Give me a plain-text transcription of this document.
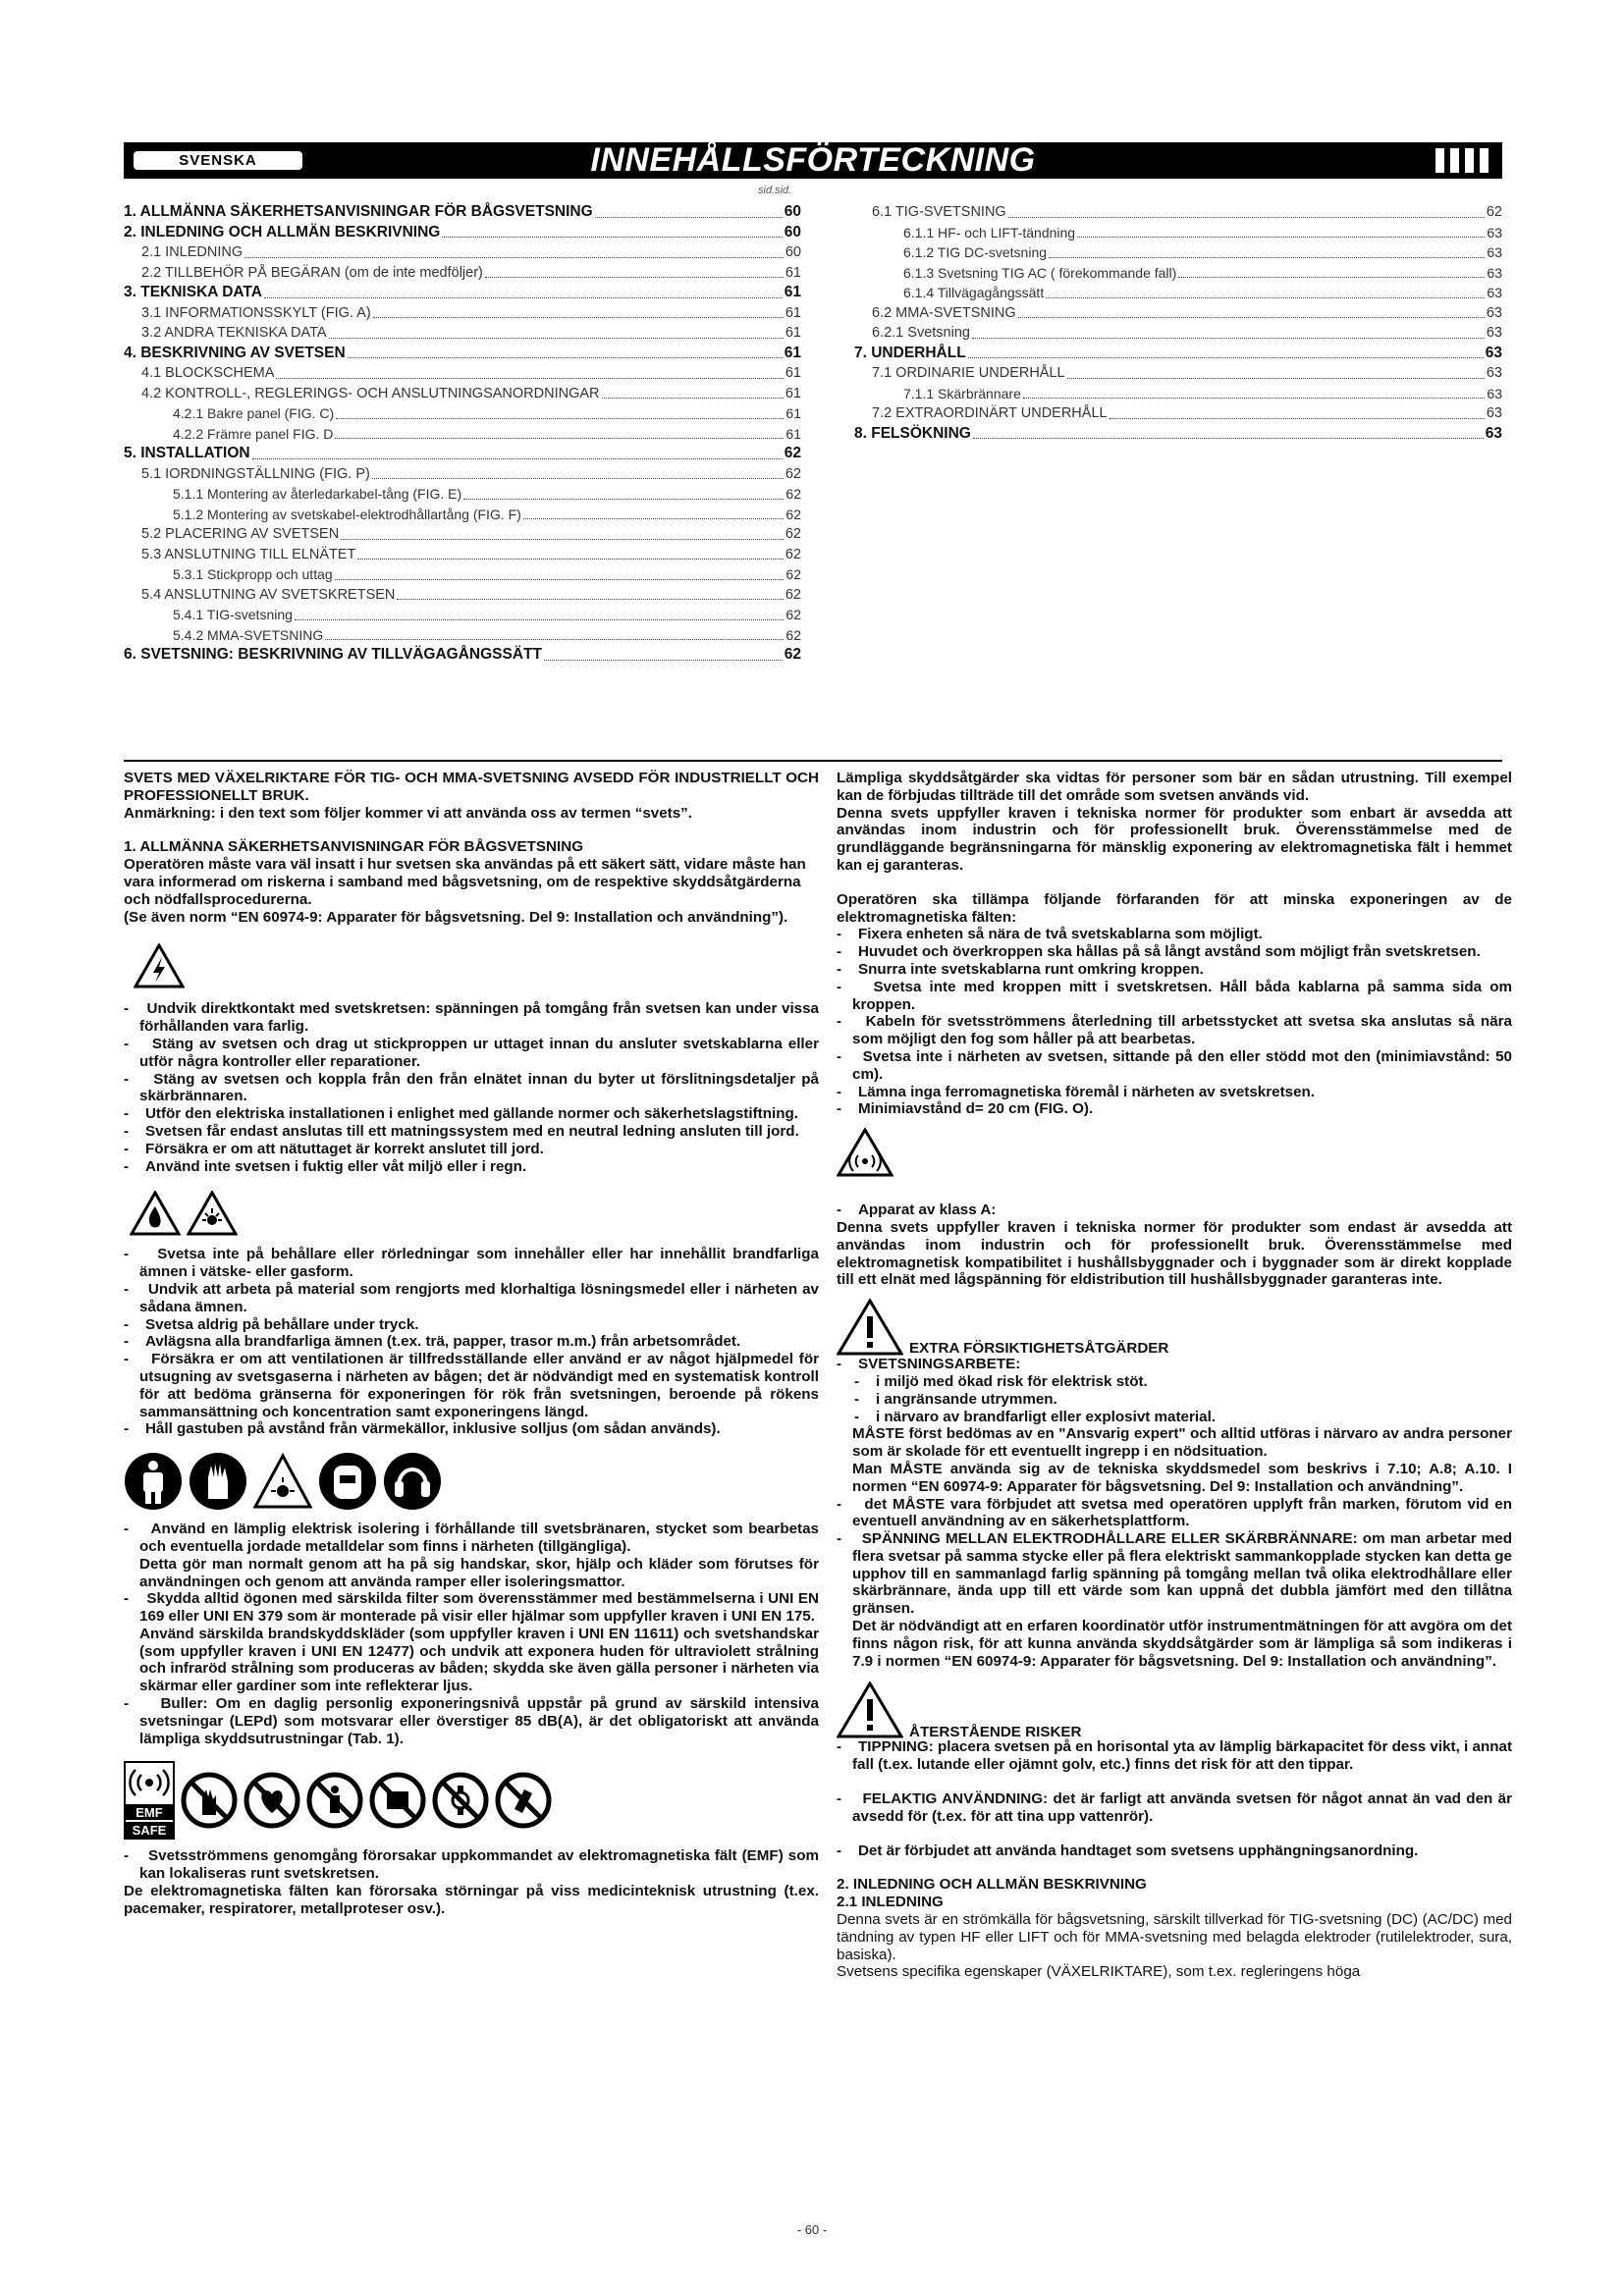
SVENSKA	INNEHÅLLSFÖRTECKNING
sid.sid.
1. ALLMÄNNA SÄKERHETSANVISNINGAR FÖR BÅGSVETSNING	60
2. INLEDNING OCH ALLMÄN BESKRIVNING	60
2.1 INLEDNING	60
2.2 TILLBEHÖR PÅ BEGÄRAN (om de inte medföljer)	61
3. TEKNISKA DATA	61
3.1 INFORMATIONSSKYLT (FIG. A)	61
3.2 ANDRA TEKNISKA DATA	61
4. BESKRIVNING AV SVETSEN	61
4.1 BLOCKSCHEMA	61
4.2 KONTROLL-, REGLERINGS- OCH ANSLUTNINGSANORDNINGAR	61
4.2.1 Bakre panel (FIG. C)	61
4.2.2 Främre panel FIG. D	61
5. INSTALLATION	62
5.1 IORDNINGSTÄLLNING (FIG. P)	62
5.1.1 Montering av återledarkabel-tång (FIG. E)	62
5.1.2 Montering av svetskabel-elektrodhållartång (FIG. F)	62
5.2 PLACERING AV SVETSEN	62
5.3 ANSLUTNING TILL ELNÄTET	62
5.3.1 Stickpropp och uttag	62
5.4 ANSLUTNING AV SVETSKRETSEN	62
5.4.1 TIG-svetsning	62
5.4.2 MMA-SVETSNING	62
6. SVETSNING: BESKRIVNING AV TILLVÄGAGÅNGSSÄTT	62
6.1 TIG-SVETSNING	62
6.1.1 HF- och LIFT-tändning	63
6.1.2 TIG DC-svetsning	63
6.1.3 Svetsning TIG AC ( förekommande fall)	63
6.1.4 Tillvägagångssätt	63
6.2 MMA-SVETSNING	63
6.2.1 Svetsning	63
7. UNDERHÅLL	63
7.1 ORDINARIE UNDERHÅLL	63
7.1.1 Skärbrännare	63
7.2 EXTRAORDINÄRT UNDERHÅLL	63
8. FELSÖKNING	63

SVETS MED VÄXELRIKTARE FÖR TIG- OCH MMA-SVETSNING AVSEDD FÖR INDUSTRIELLT OCH PROFESSIONELLT BRUK.

Anmärkning: i den text som följer kommer vi att använda oss av termen “svets”.

1. ALLMÄNNA SÄKERHETSANVISNINGAR FÖR BÅGSVETSNING

Operatören måste vara väl insatt i hur svetsen ska användas på ett säkert sätt, vidare måste han vara informerad om riskerna i samband med bågsvetsning, om de respektive skyddsåtgärderna och nödfallsprocedurerna.

(Se även norm “EN 60974-9: Apparater för bågsvetsning. Del 9: Installation och användning”).

-    Undvik direktkontakt med svetskretsen: spänningen på tomgång från svetsen kan under vissa förhållanden vara farlig.

-    Stäng av svetsen och drag ut stickproppen ur uttaget innan du ansluter svetskablarna eller utför några kontroller eller reparationer.

-    Stäng av svetsen och koppla från den från elnätet innan du byter ut förslitningsdetaljer på skärbrännaren.

-    Utför den elektriska installationen i enlighet med gällande normer och säkerhetslagstiftning.

-    Svetsen får endast anslutas till ett matningssystem med en neutral ledning ansluten till jord.

-    Försäkra er om att nätuttaget är korrekt anslutet till jord.

-    Använd inte svetsen i fuktig eller våt miljö eller i regn.

-    Svetsa inte på behållare eller rörledningar som innehåller eller har innehållit brandfarliga ämnen i vätske- eller gasform.

-    Undvik att arbeta på material som rengjorts med klorhaltiga lösningsmedel eller i närheten av sådana ämnen.

-    Svetsa aldrig på behållare under tryck.

-    Avlägsna alla brandfarliga ämnen (t.ex. trä, papper, trasor m.m.) från arbetsområdet.

-    Försäkra er om att ventilationen är tillfredsställande eller använd er av något hjälpmedel för utsugning av svetsgaserna i närheten av bågen; det är nödvändigt med en systematisk kontroll för att bedöma gränserna för exponeringen för rök från svetsningen, beroende på rökens sammansättning och koncentration samt exponeringens längd.

-    Håll gastuben på avstånd från värmekällor, inklusive solljus (om sådan används).

-    Använd en lämplig elektrisk isolering i förhållande till svetsbränaren, stycket som bearbetas och eventuella jordade metalldelar som finns i närheten (tillgängliga).

Detta gör man normalt genom att ha på sig handskar, skor, hjälp och kläder som förutses för användningen och genom att använda ramper eller isoleringsmattor.

-    Skydda alltid ögonen med särskilda filter som överensstämmer med bestämmelserna i UNI EN 169 eller UNI EN 379 som är monterade på visir eller hjälmar som uppfyller kraven i UNI EN 175.

Använd särskilda brandskyddskläder (som uppfyller kraven i UNI EN 11611) och svetshandskar (som uppfyller kraven i UNI EN 12477) och undvik att exponera huden för ultraviolett strålning och infraröd strålning som produceras av båden; skydda ske även gälla personer i närheten via skärmar eller gardiner som inte reflekterar ljus.

-    Buller: Om en daglig personlig exponeringsnivå uppstår på grund av särskild intensiva svetsningar (LEPd) som motsvarar eller överstiger 85 dB(A), är det obligatoriskt att använda lämpliga skyddsutrustningar (Tab. 1).

EMF
SAFE

-    Svetsströmmens genomgång förorsakar uppkommandet av elektromagnetiska fält (EMF) som kan lokaliseras runt svetskretsen.

De elektromagnetiska fälten kan förorsaka störningar på viss medicinteknisk utrustning (t.ex. pacemaker, respiratorer, metallproteser osv.).

Lämpliga skyddsåtgärder ska vidtas för personer som bär en sådan utrustning. Till exempel kan de förbjudas tillträde till det område som svetsen används vid.

Denna svets uppfyller kraven i tekniska normer för produkter som enbart är avsedda att användas inom industrin och för professionellt bruk. Överensstämmelse med de grundläggande begränsningarna för mänsklig exponering av elektromagnetiska fält i hemmet kan ej garanteras.

Operatören ska tillämpa följande förfaranden för att minska exponeringen av de elektromagnetiska fälten:

-    Fixera enheten så nära de två svetskablarna som möjligt.

-    Huvudet och överkroppen ska hållas på så långt avstånd som möjligt från svetskretsen.

-    Snurra inte svetskablarna runt omkring kroppen.

-    Svetsa inte med kroppen mitt i svetskretsen. Håll båda kablarna på samma sida om kroppen.

-    Kabeln för svetsströmmens återledning till arbetsstycket att svetsa ska anslutas så nära som möjligt den fog som håller på att bearbetas.

-    Svetsa inte i närheten av svetsen, sittande på den eller stödd mot den (minimiavstånd: 50 cm).

-    Lämna inga ferromagnetiska föremål i närheten av svetskretsen.

-    Minimiavstånd d= 20 cm (FIG. O).

-    Apparat av klass A:

Denna svets uppfyller kraven i tekniska normer för produkter som endast är avsedda att användas inom industrin och för professionellt bruk. Överensstämmelse med elektromagnetisk kompatibilitet i hushållsbyggnader och i byggnader som är direkt kopplade till ett elnät med lågspänning för eldistribution till hushållsbyggnader garanteras inte.

EXTRA FÖRSIKTIGHETSÅTGÄRDER

-    SVETSNINGSARBETE:

-    i miljö med ökad risk för elektrisk stöt.

-    i angränsande utrymmen.

-    i närvaro av brandfarligt eller explosivt material.

MÅSTE först bedömas av en "Ansvarig expert" och alltid utföras i närvaro av andra personer som är skolade för ett eventuellt ingrepp i en nödsituation.

Man MÅSTE använda sig av de tekniska skyddsmedel som beskrivs i 7.10; A.8; A.10. I normen “EN 60974-9: Apparater för bågsvetsning. Del 9: Installation och användning”.

-    det MÅSTE vara förbjudet att svetsa med operatören upplyft från marken, förutom vid en eventuell användning av en säkerhetsplattform.

-    SPÄNNING MELLAN ELEKTRODHÅLLARE ELLER SKÄRBRÄNNARE: om man arbetar med flera svetsar på samma stycke eller på flera elektriskt sammankopplade stycken kan detta ge upphov till en sammanlagd farlig spänning på tomgång mellan två olika elektrodhållare eller skärbrännare, ända upp till ett värde som kan uppnå det dubbla jämfört med den tillåtna gränsen.

Det är nödvändigt att en erfaren koordinatör utför instrumentmätningen för att avgöra om det finns någon risk, för att kunna använda skyddsåtgärder som är lämpliga så som indikeras i 7.9 i normen “EN 60974-9: Apparater för bågsvetsning. Del 9: Installation och användning”.

ÅTERSTÅENDE RISKER

-    TIPPNING: placera svetsen på en horisontal yta av lämplig bärkapacitet för dess vikt, i annat fall (t.ex. lutande eller ojämnt golv, etc.) finns det risk för att den tippar.

-    FELAKTIG ANVÄNDNING: det är farligt att använda svetsen för något annat än vad den är avsedd för (t.ex. för att tina upp vattenrör).

-    Det är förbjudet att använda handtaget som svetsens upphängningsanordning.

2. INLEDNING OCH ALLMÄN BESKRIVNING

2.1 INLEDNING

Denna svets är en strömkälla för bågsvetsning, särskilt tillverkad för TIG-svetsning (DC) (AC/DC) med tändning av typen HF eller LIFT och för MMA-svetsning med belagda elektroder (rutilelektroder, sura, basiska).

Svetsens specifika egenskaper (VÄXELRIKTARE), som t.ex. regleringens höga

- 60 -
